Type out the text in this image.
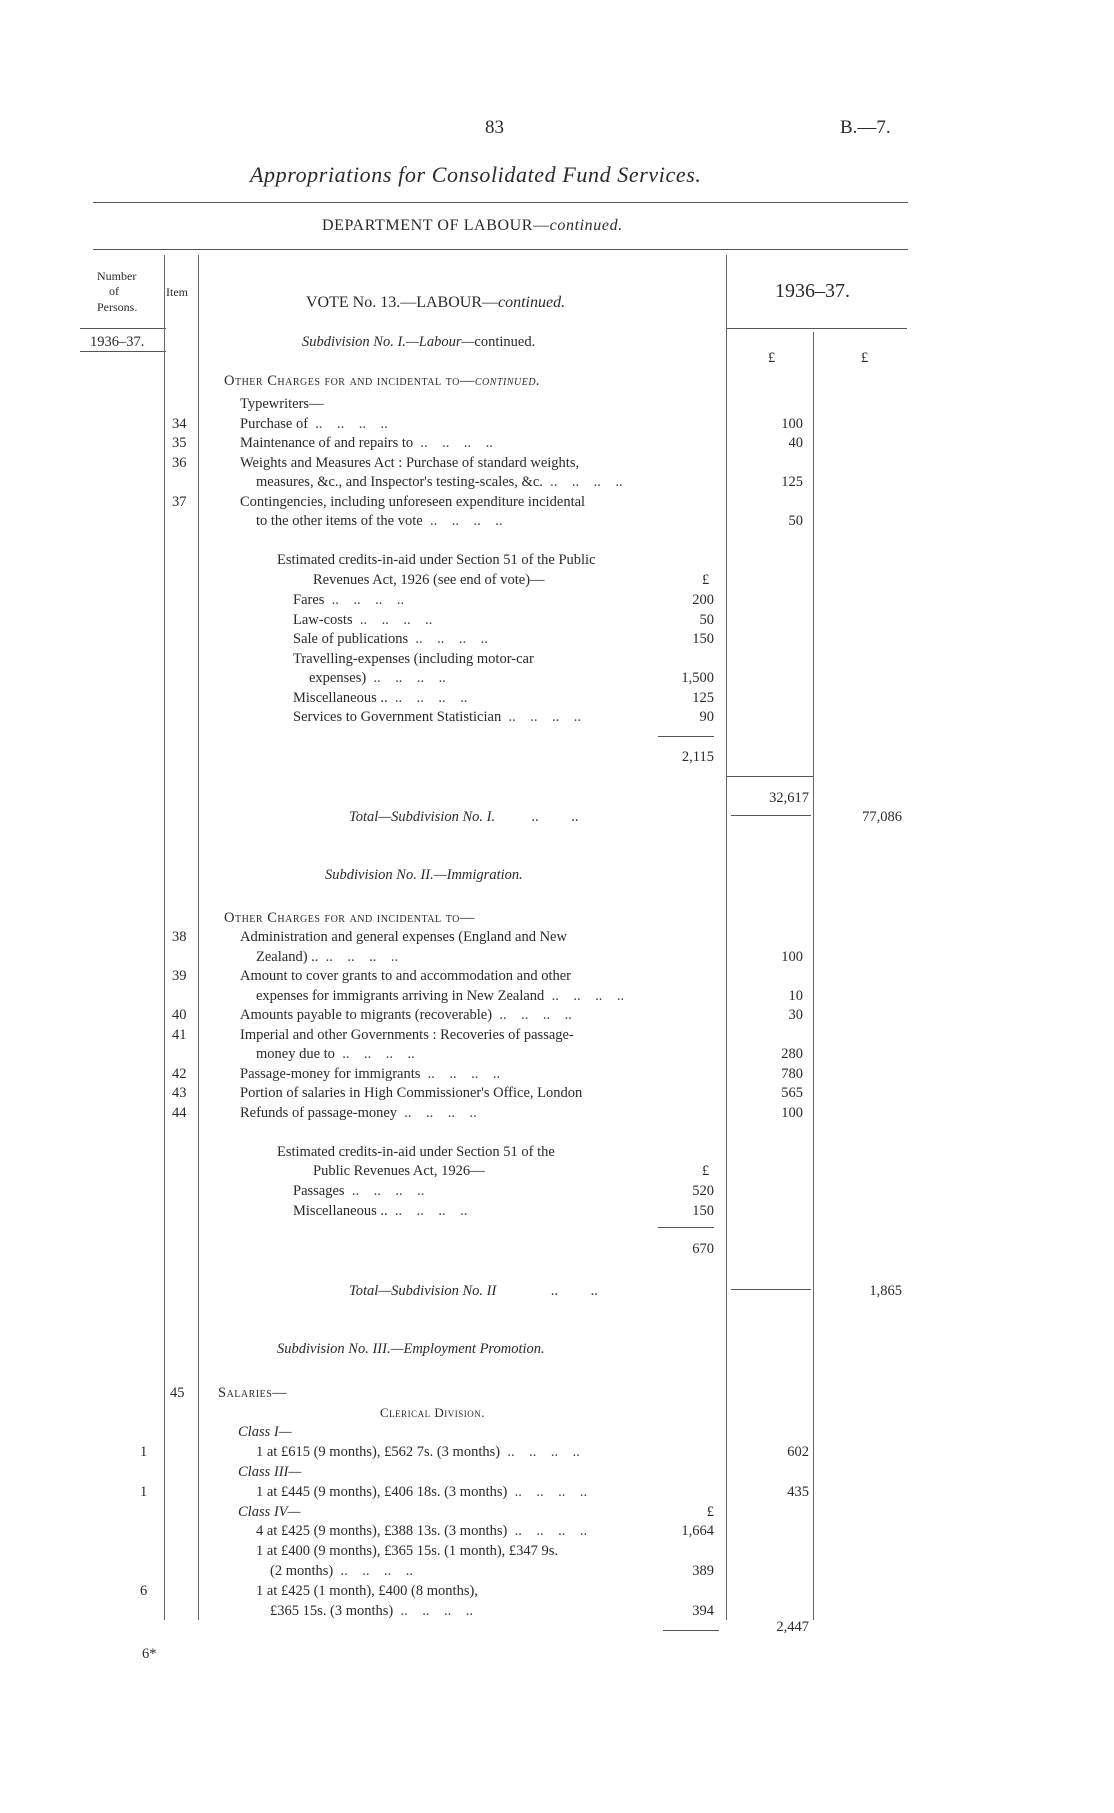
83	B.—7.
Appropriations for Consolidated Fund Services.
DEPARTMENT OF LABOUR—continued.
Number
of
Persons.
Item
1936–37.
1936–37.
£	£
VOTE No. 13.—LABOUR—continued.
Subdivision No. I.—Labour—continued.
Other Charges for and incidental to—continued.
Typewriters—
34	Purchase of  ..    ..    ..    ..	100
35	Maintenance of and repairs to  ..    ..    ..    ..	40
36	Weights and Measures Act : Purchase of standard weights,
measures, &c., and Inspector's testing-scales, &c.  ..    ..    ..    ..	125
37	Contingencies, including unforeseen expenditure incidental
to the other items of the vote  ..    ..    ..    ..	50
Estimated credits-in-aid under Section 51 of the Public
Revenues Act, 1926 (see end of vote)—	£
Fares  ..    ..    ..    ..	200
Law-costs  ..    ..    ..    ..	50
Sale of publications  ..    ..    ..    ..	150
Travelling-expenses (including motor-car
expenses)  ..    ..    ..    ..	1,500
Miscellaneous ..  ..    ..    ..    ..	125
Services to Government Statistician  ..    ..    ..    ..	90
2,115
32,617
Total—Subdivision No. I.          ..         ..	77,086
Subdivision No. II.—Immigration.
Other Charges for and incidental to—
38	Administration and general expenses (England and New
Zealand) ..  ..    ..    ..    ..	100
39	Amount to cover grants to and accommodation and other
expenses for immigrants arriving in New Zealand  ..    ..    ..    ..	10
40	Amounts payable to migrants (recoverable)  ..    ..    ..    ..	30
41	Imperial and other Governments : Recoveries of passage-
money due to  ..    ..    ..    ..	280
42	Passage-money for immigrants  ..    ..    ..    ..	780
43	Portion of salaries in High Commissioner's Office, London	565
44	Refunds of passage-money  ..    ..    ..    ..	100
Estimated credits-in-aid under Section 51 of the
Public Revenues Act, 1926—	£
Passages  ..    ..    ..    ..	520
Miscellaneous ..  ..    ..    ..    ..	150
670
Total—Subdivision No. II               ..         ..	1,865
Subdivision No. III.—Employment Promotion.
45 Salaries—
Clerical Division.
Class I—
1	1 at £615 (9 months), £562 7s. (3 months)  ..    ..    ..    ..	602
Class III—
1	1 at £445 (9 months), £406 18s. (3 months)  ..    ..    ..    ..	435
Class IV—	£
4 at £425 (9 months), £388 13s. (3 months)  ..    ..    ..    ..	1,664
1 at £400 (9 months), £365 15s. (1 month), £347 9s.
(2 months)  ..    ..    ..    ..	389
6	1 at £425 (1 month), £400 (8 months),
£365 15s. (3 months)  ..    ..    ..    ..	394
2,447
6*
